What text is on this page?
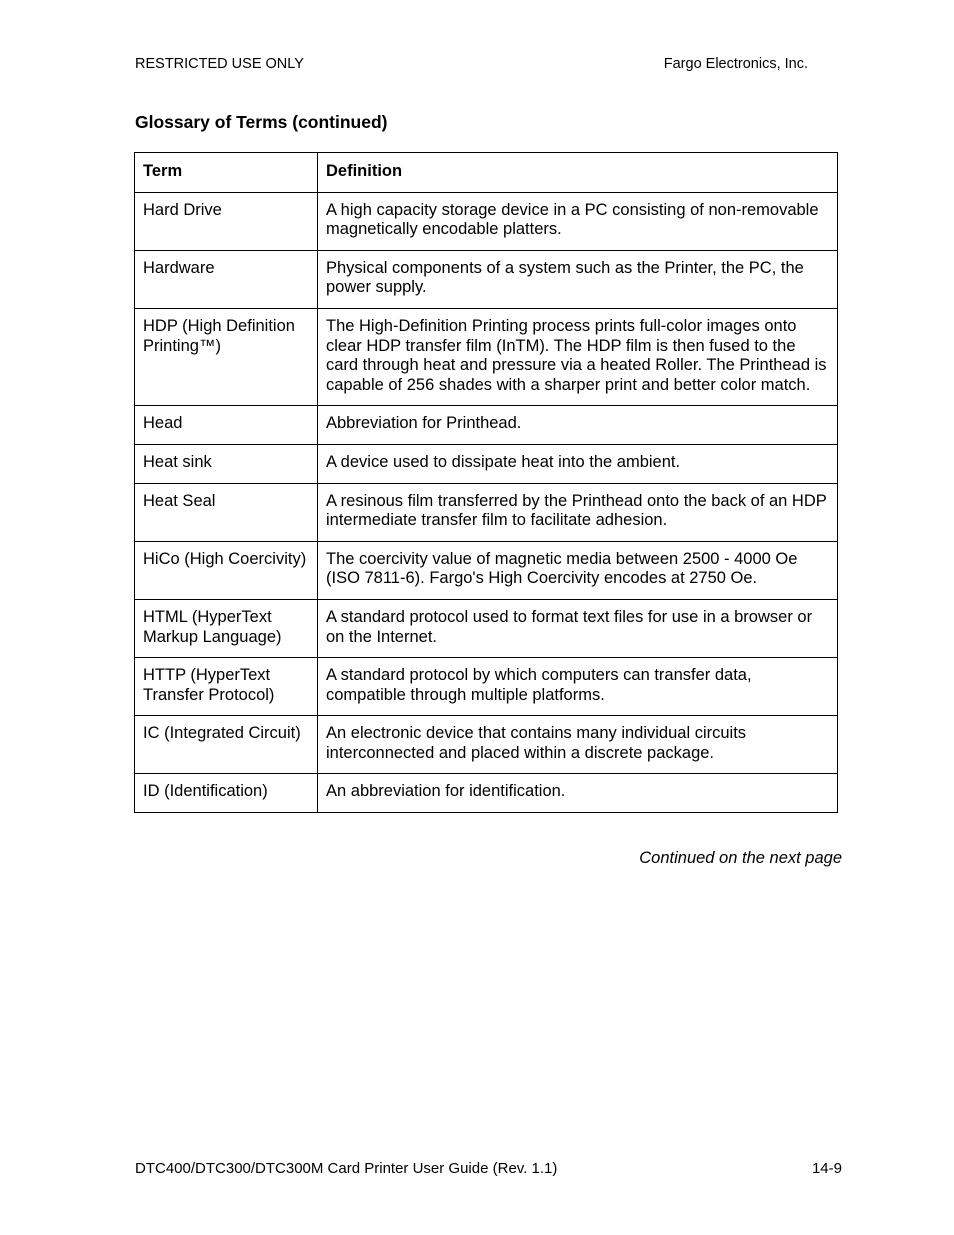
RESTRICTED USE ONLY	Fargo Electronics, Inc.
Glossary of Terms (continued)
Term	Definition
Hard Drive	A high capacity storage device in a PC consisting of non-removable magnetically encodable platters.
Hardware	Physical components of a system such as the Printer, the PC, the power supply.
HDP (High Definition Printing™)	The High-Definition Printing process prints full-color images onto clear HDP transfer film (InTM). The HDP film is then fused to the card through heat and pressure via a heated Roller. The Printhead is capable of 256 shades with a sharper print and better color match.
Head	Abbreviation for Printhead.
Heat sink	A device used to dissipate heat into the ambient.
Heat Seal	A resinous film transferred by the Printhead onto the back of an HDP intermediate transfer film to facilitate adhesion.
HiCo (High Coercivity)	The coercivity value of magnetic media between 2500 - 4000 Oe (ISO 7811-6). Fargo's High Coercivity encodes at 2750 Oe.
HTML (HyperText Markup Language)	A standard protocol used to format text files for use in a browser or on the Internet.
HTTP (HyperText Transfer Protocol)	A standard protocol by which computers can transfer data, compatible through multiple platforms.
IC (Integrated Circuit)	An electronic device that contains many individual circuits interconnected and placed within a discrete package.
ID (Identification)	An abbreviation for identification.
Continued on the next page
DTC400/DTC300/DTC300M Card Printer User Guide (Rev. 1.1)	14-9
